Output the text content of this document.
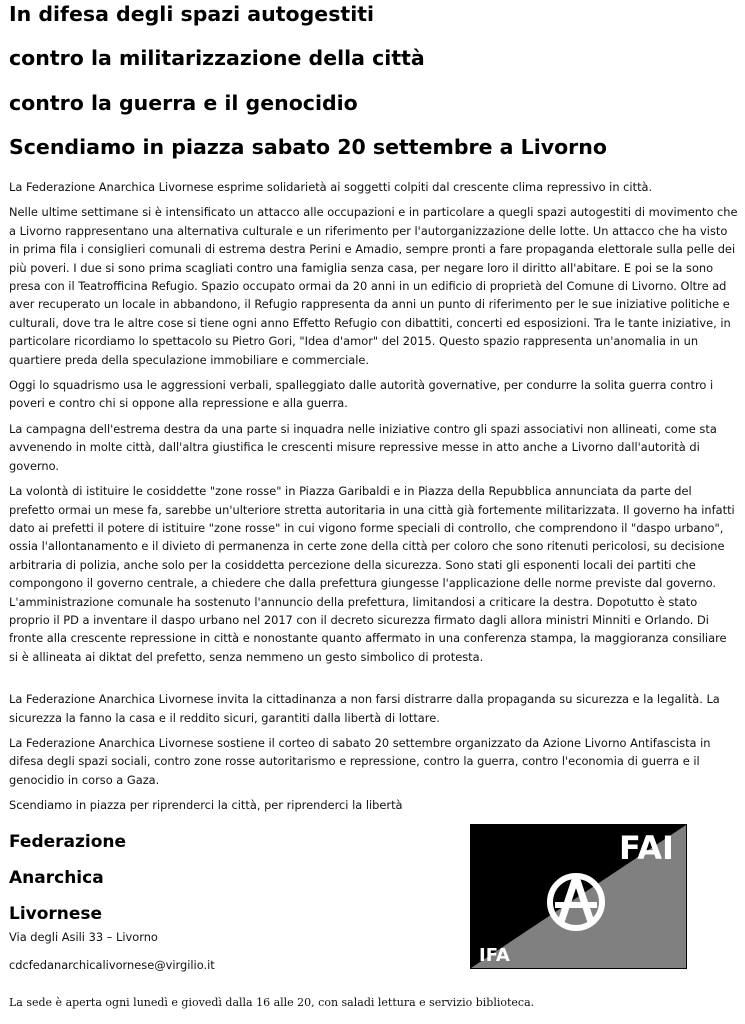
In difesa degli spazi autogestiti
contro la militarizzazione della città
contro la guerra e il genocidio
Scendiamo in piazza sabato 20 settembre a Livorno

La Federazione Anarchica Livornese esprime solidarietà ai soggetti colpiti dal crescente clima repressivo in città.

Nelle ultime settimane si è intensificato un attacco alle occupazioni e in particolare a quegli spazi autogestiti di movimento che a Livorno rappresentano una alternativa culturale e un riferimento per l'autorganizzazione delle lotte. Un attacco che ha visto in prima fila i consiglieri comunali di estrema destra Perini e Amadio, sempre pronti a fare propaganda elettorale sulla pelle dei più poveri. I due si sono prima scagliati contro una famiglia senza casa, per negare loro il diritto all'abitare. E poi se la sono presa con il Teatrofficina Refugio. Spazio occupato ormai da 20 anni in un edificio di proprietà del Comune di Livorno. Oltre ad aver recuperato un locale in abbandono, il Refugio rappresenta da anni un punto di riferimento per le sue iniziative politiche e culturali, dove tra le altre cose si tiene ogni anno Effetto Refugio con dibattiti, concerti ed esposizioni. Tra le tante iniziative, in particolare ricordiamo lo spettacolo su Pietro Gori, "Idea d'amor" del 2015. Questo spazio rappresenta un'anomalia in un quartiere preda della speculazione immobiliare e commerciale.

Oggi lo squadrismo usa le aggressioni verbali, spalleggiato dalle autorità governative, per condurre la solita guerra contro i poveri e contro chi si oppone alla repressione e alla guerra.

La campagna dell'estrema destra da una parte si inquadra nelle iniziative contro gli spazi associativi non allineati, come sta avvenendo in molte città, dall'altra giustifica le crescenti misure repressive messe in atto anche a Livorno dall'autorità di governo.

La volontà di istituire le cosiddette "zone rosse" in Piazza Garibaldi e in Piazza della Repubblica annunciata da parte del prefetto ormai un mese fa, sarebbe un'ulteriore stretta autoritaria in una città già fortemente militarizzata. Il governo ha infatti dato ai prefetti il potere di istituire "zone rosse" in cui vigono forme speciali di controllo, che comprendono il "daspo urbano", ossia l'allontanamento e il divieto di permanenza in certe zone della città per coloro che sono ritenuti pericolosi, su decisione arbitraria di polizia, anche solo per la cosiddetta percezione della sicurezza. Sono stati gli esponenti locali dei partiti che compongono il governo centrale, a chiedere che dalla prefettura giungesse l'applicazione delle norme previste dal governo. L'amministrazione comunale ha sostenuto l'annuncio della prefettura, limitandosi a criticare la destra. Dopotutto è stato proprio il PD a inventare il daspo urbano nel 2017 con il decreto sicurezza firmato dagli allora ministri Minniti e Orlando. Di fronte alla crescente repressione in città e nonostante quanto affermato in una conferenza stampa, la maggioranza consiliare si è allineata ai diktat del prefetto, senza nemmeno un gesto simbolico di protesta.

La Federazione Anarchica Livornese invita la cittadinanza a non farsi distrarre dalla propaganda su sicurezza e la legalità. La sicurezza la fanno la casa e il reddito sicuri, garantiti dalla libertà di lottare.

La Federazione Anarchica Livornese sostiene il corteo di sabato 20 settembre organizzato da Azione Livorno Antifascista in difesa degli spazi sociali, contro zone rosse autoritarismo e repressione, contro la guerra, contro l'economia di guerra e il genocidio in corso a Gaza.

Scendiamo in piazza per riprenderci la città, per riprenderci la libertà

Federazione
Anarchica
Livornese
Via degli Asili 33 – Livorno
cdcfedanarchicalivornese@virgilio.it
FAI
IFA
La sede è aperta ogni lunedì e giovedì dalla 16 alle 20, con saladi lettura e servizio biblioteca.
